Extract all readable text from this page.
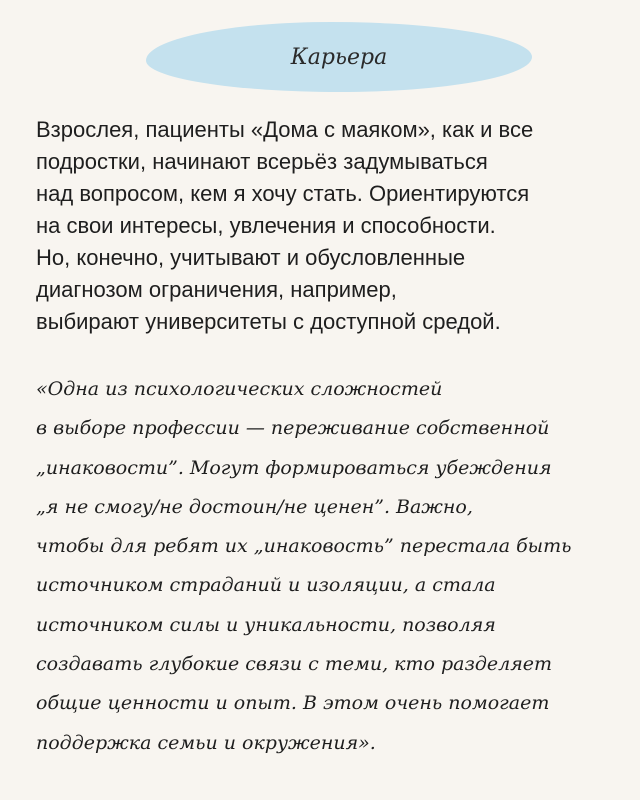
Карьера
Взрослея, пациенты «Дома с маяком», как и все
подростки, начинают всерьёз задумываться
над вопросом, кем я хочу стать. Ориентируются
на свои интересы, увлечения и способности.
Но, конечно, учитывают и обусловленные
диагнозом ограничения, например,
выбирают университеты с доступной средой.
«Одна из психологических сложностей
в выборе профессии — переживание собственной
„инаковости”. Могут формироваться убеждения
„я не смогу/не достоин/не ценен”. Важно,
чтобы для ребят их „инаковость” перестала быть
источником страданий и изоляции, а стала
источником силы и уникальности, позволяя
создавать глубокие связи с теми, кто разделяет
общие ценности и опыт. В этом очень помогает
поддержка семьи и окружения».
